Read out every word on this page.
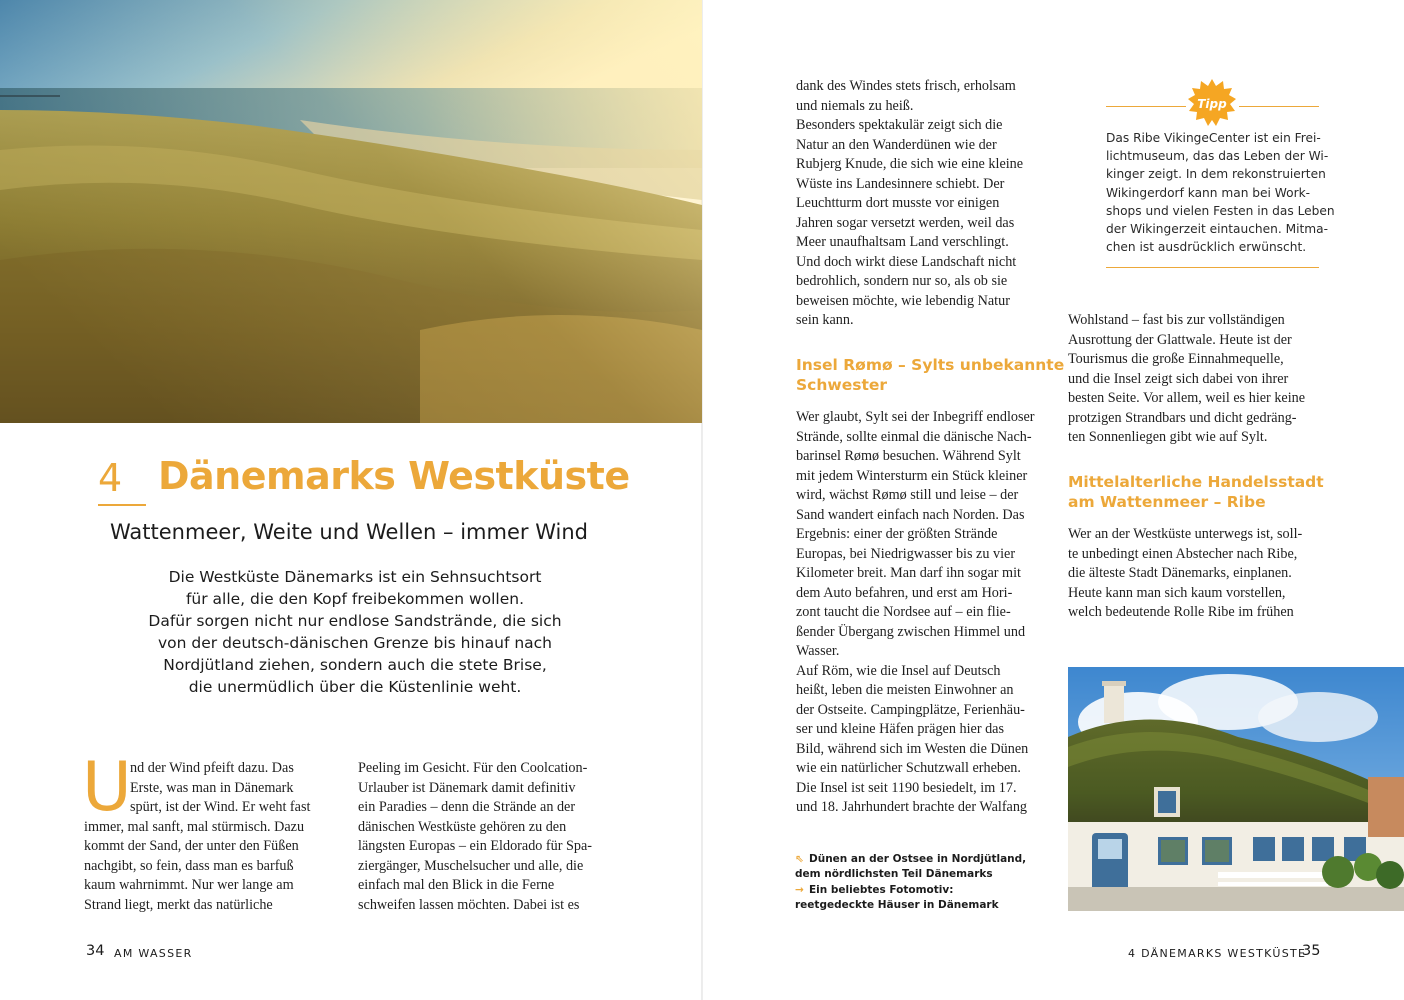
4 Dänemarks Westküste
Wattenmeer, Weite und Wellen – immer Wind
Die Westküste Dänemarks ist ein Sehnsuchtsort
für alle, die den Kopf freibekommen wollen.
Dafür sorgen nicht nur endlose Sandstrände, die sich
von der deutsch-dänischen Grenze bis hinauf nach
Nordjütland ziehen, sondern auch die stete Brise,
die unermüdlich über die Küstenlinie weht.
U
nd der Wind pfeift dazu. Das
Erste, was man in Dänemark
spürt, ist der Wind. Er weht fast
immer, mal sanft, mal stürmisch. Dazu
kommt der Sand, der unter den Füßen
nachgibt, so fein, dass man es barfuß
kaum wahrnimmt. Nur wer lange am
Strand liegt, merkt das natürliche
Peeling im Gesicht. Für den Coolcation-
Urlauber ist Dänemark damit definitiv
ein Paradies – denn die Strände an der
dänischen Westküste gehören zu den
längsten Europas – ein Eldorado für Spa-
ziergänger, Muschelsucher und alle, die
einfach mal den Blick in die Ferne
schweifen lassen möchten. Dabei ist es
34 AM WASSER
dank des Windes stets frisch, erholsam
und niemals zu heiß.
Besonders spektakulär zeigt sich die
Natur an den Wanderdünen wie der
Rubjerg Knude, die sich wie eine kleine
Wüste ins Landesinnere schiebt. Der
Leuchtturm dort musste vor einigen
Jahren sogar versetzt werden, weil das
Meer unaufhaltsam Land verschlingt.
Und doch wirkt diese Landschaft nicht
bedrohlich, sondern nur so, als ob sie
beweisen möchte, wie lebendig Natur
sein kann.
Insel Rømø – Sylts unbekannte
Schwester
Wer glaubt, Sylt sei der Inbegriff endloser
Strände, sollte einmal die dänische Nach-
barinsel Rømø besuchen. Während Sylt
mit jedem Wintersturm ein Stück kleiner
wird, wächst Rømø still und leise – der
Sand wandert einfach nach Norden. Das
Ergebnis: einer der größten Strände
Europas, bei Niedrigwasser bis zu vier
Kilometer breit. Man darf ihn sogar mit
dem Auto befahren, und erst am Hori-
zont taucht die Nordsee auf – ein flie-
ßender Übergang zwischen Himmel und
Wasser.
Auf Röm, wie die Insel auf Deutsch
heißt, leben die meisten Einwohner an
der Ostseite. Campingplätze, Ferienhäu-
ser und kleine Häfen prägen hier das
Bild, während sich im Westen die Dünen
wie ein natürlicher Schutzwall erheben.
Die Insel ist seit 1190 besiedelt, im 17.
und 18. Jahrhundert brachte der Walfang
⇖ Dünen an der Ostsee in Nordjütland,
dem nördlichsten Teil Dänemarks
→ Ein beliebtes Fotomotiv:
reetgedeckte Häuser in Dänemark
Tipp
Das Ribe VikingeCenter ist ein Frei-
lichtmuseum, das das Leben der Wi-
kinger zeigt. In dem rekonstruierten
Wikingerdorf kann man bei Work-
shops und vielen Festen in das Leben
der Wikingerzeit eintauchen. Mitma-
chen ist ausdrücklich erwünscht.
Wohlstand – fast bis zur vollständigen
Ausrottung der Glattwale. Heute ist der
Tourismus die große Einnahmequelle,
und die Insel zeigt sich dabei von ihrer
besten Seite. Vor allem, weil es hier keine
protzigen Strandbars und dicht gedräng-
ten Sonnenliegen gibt wie auf Sylt.
Mittelalterliche Handelsstadt
am Wattenmeer – Ribe
Wer an der Westküste unterwegs ist, soll-
te unbedingt einen Abstecher nach Ribe,
die älteste Stadt Dänemarks, einplanen.
Heute kann man sich kaum vorstellen,
welch bedeutende Rolle Ribe im frühen
4 DÄNEMARKS WESTKÜSTE
35
